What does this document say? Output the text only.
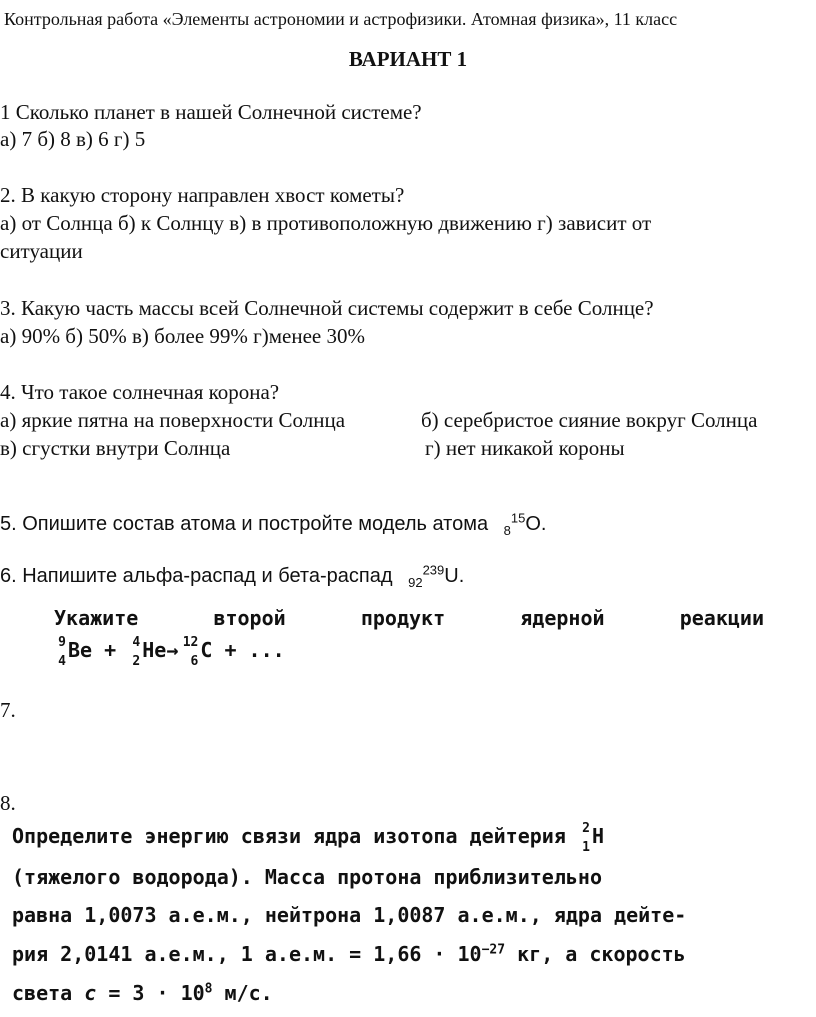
Контрольная работа «Элементы астрономии и астрофизики. Атомная физика», 11 класс
ВАРИАНТ 1
1 Сколько планет в нашей Солнечной системе?
а) 7 б) 8 в) 6 г) 5
2. В какую сторону направлен хвост кометы?
а) от Солнца б) к Солнцу в) в противоположную движению г) зависит от
ситуации
3. Какую часть массы всей Солнечной системы содержит в себе Солнце?
а) 90% б) 50% в) более 99% г)менее 30%
4. Что такое солнечная корона?
а) яркие пятна на поверхности Солнца	б) серебристое сияние вокруг Солнца
в) сгустки внутри Солнца	г) нет никакой короны
5. Опишите состав атома и постройте модель атома $_8^{15}$O.
6. Напишите альфа-распад и бета-распад $_{92}^{239}$U.
Укажите	второй	продукт	ядерной	реакции
9
4 Be + 4
2 He→ 12
6 C + ...
7.
8.
Определите энергию связи ядра изотопа дейтерия 2
1 H
(тяжелого водорода). Масса протона приблизительно
равна 1,0073 а.е.м., нейтрона 1,0087 а.е.м., ядра дейте-
рия 2,0141 а.е.м., 1 а.е.м. = $1,66 \cdot 10^{-27}$ кг, а скорость
света $c = 3 \cdot 10^8$ м/с.
